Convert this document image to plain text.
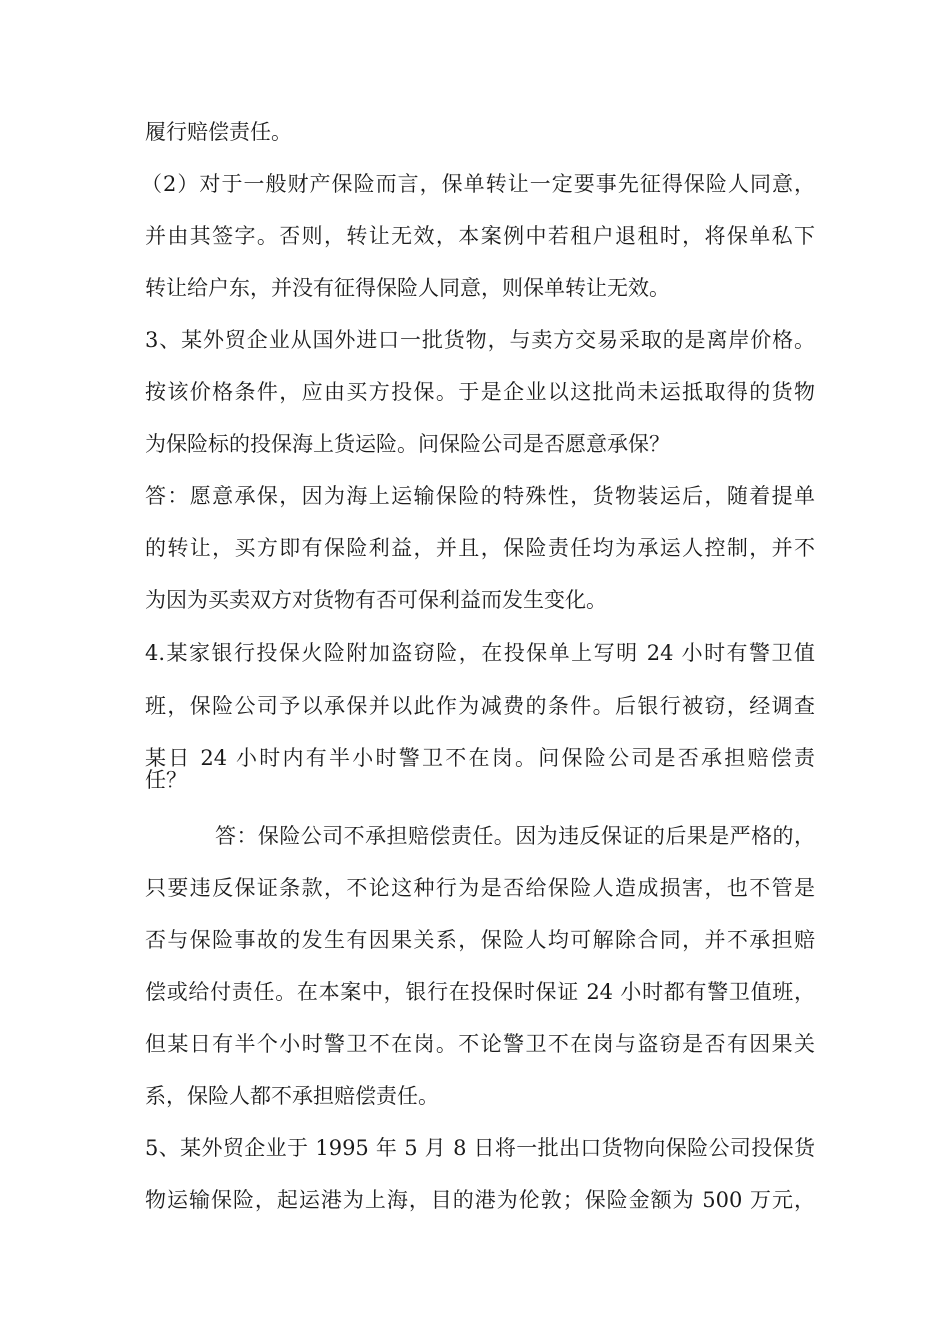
履行赔偿责任。
（2）对于一般财产保险而言，保单转让一定要事先征得保险人同意，
并由其签字。否则，转让无效，本案例中若租户退租时，将保单私下
转让给户东，并没有征得保险人同意，则保单转让无效。
3、某外贸企业从国外进口一批货物，与卖方交易采取的是离岸价格。
按该价格条件，应由买方投保。于是企业以这批尚未运抵取得的货物
为保险标的投保海上货运险。问保险公司是否愿意承保？
答：愿意承保，因为海上运输保险的特殊性，货物装运后，随着提单
的转让，买方即有保险利益，并且，保险责任均为承运人控制，并不
为因为买卖双方对货物有否可保利益而发生变化。
4.某家银行投保火险附加盗窃险，在投保单上写明 24 小时有警卫值
班，保险公司予以承保并以此作为减费的条件。后银行被窃，经调查
某日 24 小时内有半小时警卫不在岗。问保险公司是否承担赔偿责
任？
答：保险公司不承担赔偿责任。因为违反保证的后果是严格的，
只要违反保证条款，不论这种行为是否给保险人造成损害，也不管是
否与保险事故的发生有因果关系，保险人均可解除合同，并不承担赔
偿或给付责任。在本案中，银行在投保时保证 24 小时都有警卫值班，
但某日有半个小时警卫不在岗。不论警卫不在岗与盗窃是否有因果关
系，保险人都不承担赔偿责任。
5、某外贸企业于 1995 年 5 月 8 日将一批出口货物向保险公司投保货
物运输保险，起运港为上海，目的港为伦敦；保险金额为 500 万元，
